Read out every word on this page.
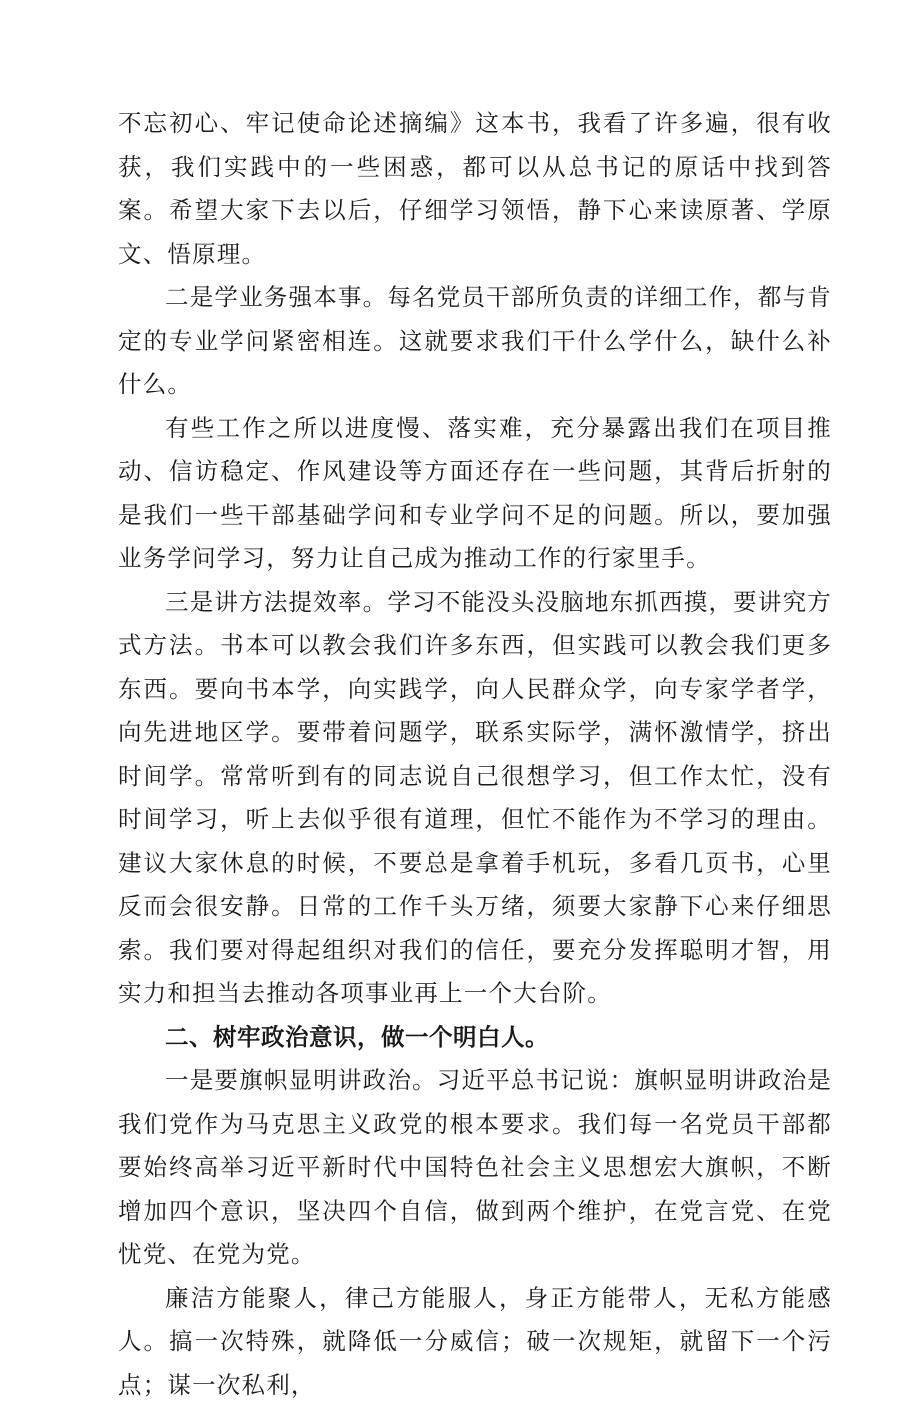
不忘初心、牢记使命论述摘编》这本书，我看了许多遍，很有收获，我们实践中的一些困惑，都可以从总书记的原话中找到答案。希望大家下去以后，仔细学习领悟，静下心来读原著、学原文、悟原理。

二是学业务强本事。每名党员干部所负责的详细工作，都与肯定的专业学问紧密相连。这就要求我们干什么学什么，缺什么补什么。

有些工作之所以进度慢、落实难，充分暴露出我们在项目推动、信访稳定、作风建设等方面还存在一些问题，其背后折射的是我们一些干部基础学问和专业学问不足的问题。所以，要加强业务学问学习，努力让自己成为推动工作的行家里手。

三是讲方法提效率。学习不能没头没脑地东抓西摸，要讲究方式方法。书本可以教会我们许多东西，但实践可以教会我们更多东西。要向书本学，向实践学，向人民群众学，向专家学者学，向先进地区学。要带着问题学，联系实际学，满怀激情学，挤出时间学。常常听到有的同志说自己很想学习，但工作太忙，没有时间学习，听上去似乎很有道理，但忙不能作为不学习的理由。建议大家休息的时候，不要总是拿着手机玩，多看几页书，心里反而会很安静。日常的工作千头万绪，须要大家静下心来仔细思索。我们要对得起组织对我们的信任，要充分发挥聪明才智，用实力和担当去推动各项事业再上一个大台阶。

二、树牢政治意识，做一个明白人。

一是要旗帜显明讲政治。习近平总书记说：旗帜显明讲政治是我们党作为马克思主义政党的根本要求。我们每一名党员干部都要始终高举习近平新时代中国特色社会主义思想宏大旗帜，不断增加四个意识，坚决四个自信，做到两个维护，在党言党、在党忧党、在党为党。

廉洁方能聚人，律己方能服人，身正方能带人，无私方能感人。搞一次特殊，就降低一分威信；破一次规矩，就留下一个污点；谋一次私利，
